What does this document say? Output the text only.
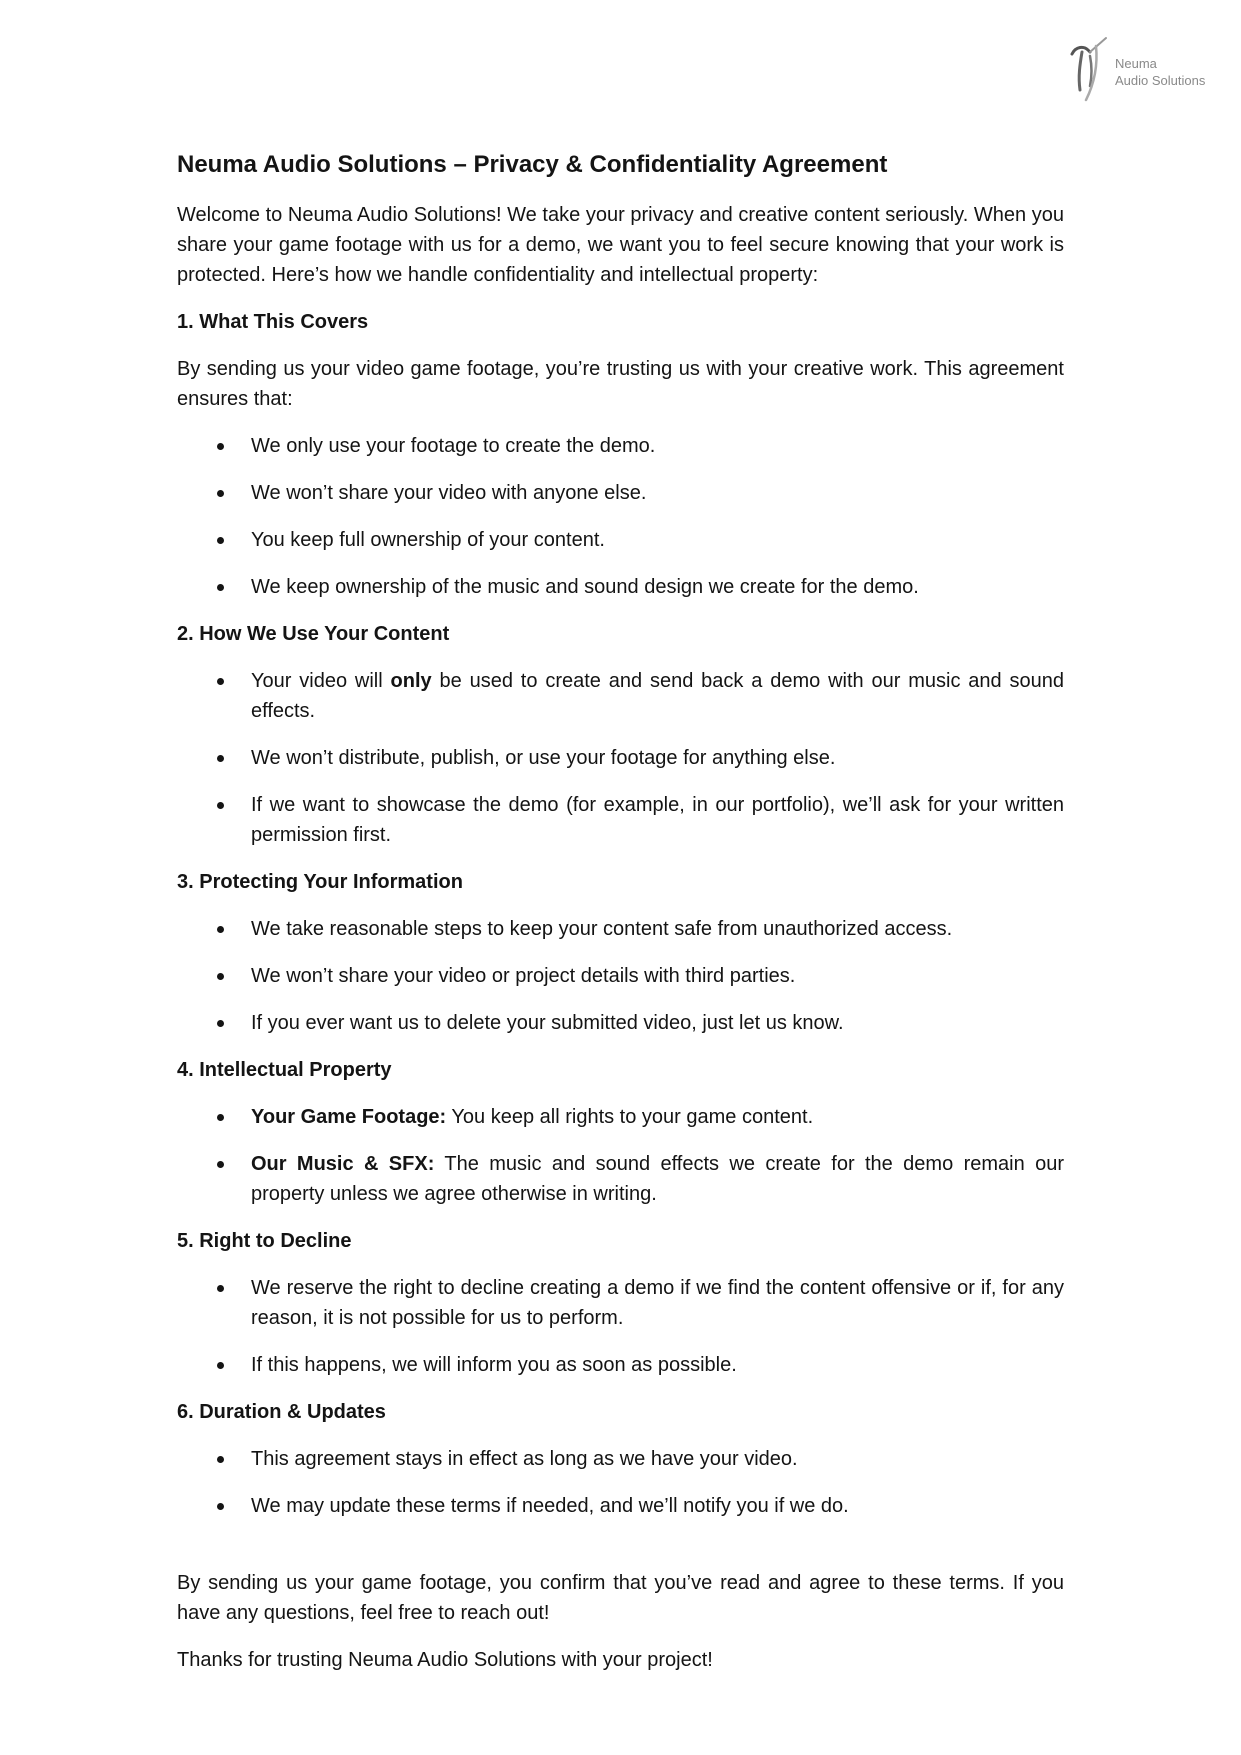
Neuma
Audio Solutions
Neuma Audio Solutions – Privacy & Confidentiality Agreement

Welcome to Neuma Audio Solutions! We take your privacy and creative content seriously. When you share your game footage with us for a demo, we want you to feel secure knowing that your work is protected. Here’s how we handle confidentiality and intellectual property:

1. What This Covers

By sending us your video game footage, you’re trusting us with your creative work. This agreement ensures that:

We only use your footage to create the demo.
We won’t share your video with anyone else.
You keep full ownership of your content.
We keep ownership of the music and sound design we create for the demo.
2. How We Use Your Content
Your video will only be used to create and send back a demo with our music and sound effects.
We won’t distribute, publish, or use your footage for anything else.
If we want to showcase the demo (for example, in our portfolio), we’ll ask for your written permission first.
3. Protecting Your Information
We take reasonable steps to keep your content safe from unauthorized access.
We won’t share your video or project details with third parties.
If you ever want us to delete your submitted video, just let us know.
4. Intellectual Property
Your Game Footage: You keep all rights to your game content.
Our Music & SFX: The music and sound effects we create for the demo remain our property unless we agree otherwise in writing.
5. Right to Decline
We reserve the right to decline creating a demo if we find the content offensive or if, for any reason, it is not possible for us to perform.
If this happens, we will inform you as soon as possible.
6. Duration & Updates
This agreement stays in effect as long as we have your video.
We may update these terms if needed, and we’ll notify you if we do.

By sending us your game footage, you confirm that you’ve read and agree to these terms. If you have any questions, feel free to reach out!

Thanks for trusting Neuma Audio Solutions with your project!
